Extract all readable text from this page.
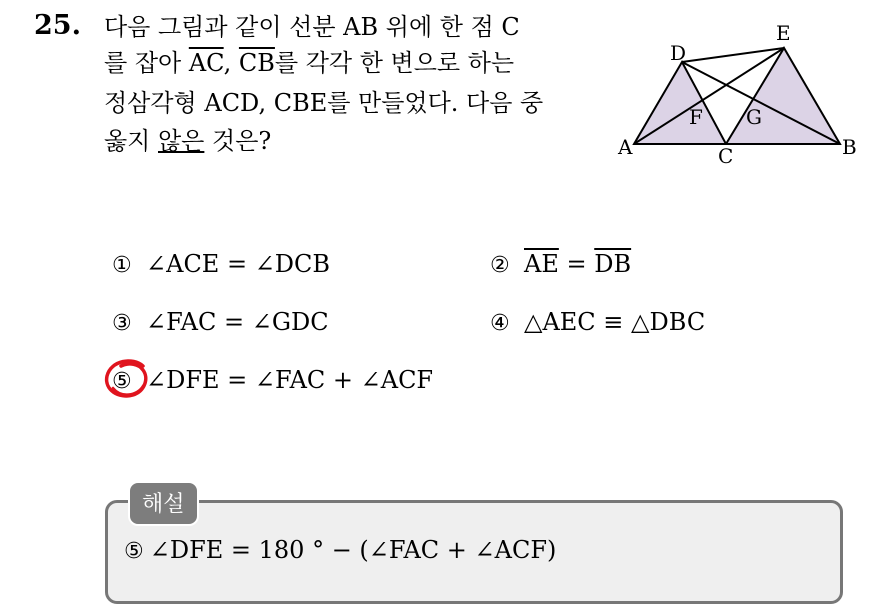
25. 다음 그림과 같이 선분 AB 위에 한 점 C
를 잡아 $\overline{AC}$, $\overline{CB}$를 각각 한 변으로 하는
정삼각형 ACD, CBE를 만들었다. 다음 중
옳지 않은 것은?	A	B
C
D
E
F G
① ∠ACE = ∠DCB	② $\overline{AE} = \overline{DB}$
③ ∠FAC = ∠GDC	④ △AEC ≡ △DBC
⑤ ∠DFE = ∠FAC + ∠ACF
해설
⑤ ∠DFE = 180 ° − (∠FAC + ∠ACF)
